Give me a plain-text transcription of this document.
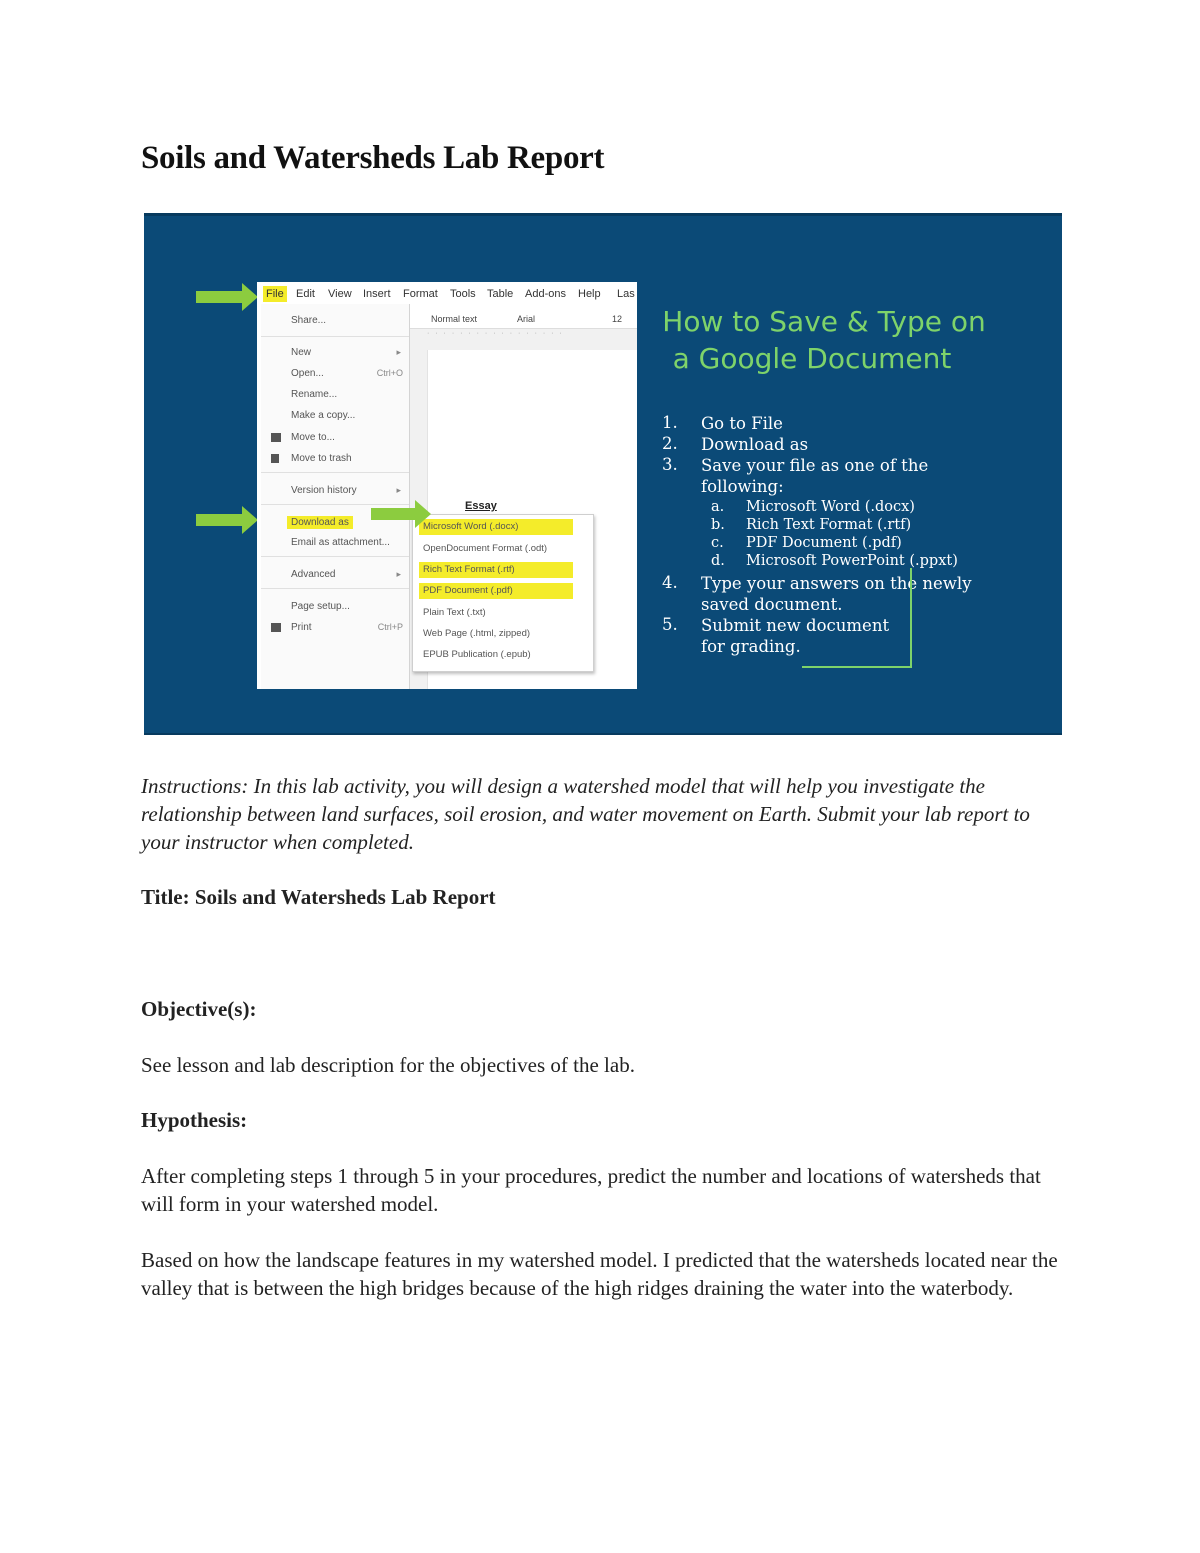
Soils and Watersheds Lab Report
File Edit View Insert Format Tools Table Add-ons Help Las
Normal text	Arial	12
· · · · · · · · · · · · · · · · ·
Essay
Share...
New	▸
Open...	Ctrl+O
Rename...
Make a copy...
Move to...
Move to trash
Version history	▸
Download as
Email as attachment...
Advanced	▸
Page setup...
Print	Ctrl+P
Microsoft Word (.docx)
OpenDocument Format (.odt)
Rich Text Format (.rtf)
PDF Document (.pdf)
Plain Text (.txt)
Web Page (.html, zipped)
EPUB Publication (.epub)
How to Save & Type on
a Google Document
1. Go to File
2. Download as
3. Save your file as one of the following:
a. Microsoft Word (.docx)
b. Rich Text Format (.rtf)
c. PDF Document (.pdf)
d. Microsoft PowerPoint (.ppxt)
4. Type your answers on the newly saved document.
5. Submit new document for grading.

Instructions: In this lab activity, you will design a watershed model that will help you investigate the relationship between land surfaces, soil erosion, and water movement on Earth. Submit your lab report to your instructor when completed.

Title: Soils and Watersheds Lab Report

Objective(s):

See lesson and lab description for the objectives of the lab.

Hypothesis:

After completing steps 1 through 5 in your procedures, predict the number and locations of watersheds that will form in your watershed model.

Based on how the landscape features in my watershed model. I predicted that the watersheds located near the valley that is between the high bridges because of the high ridges draining the water into the waterbody.
